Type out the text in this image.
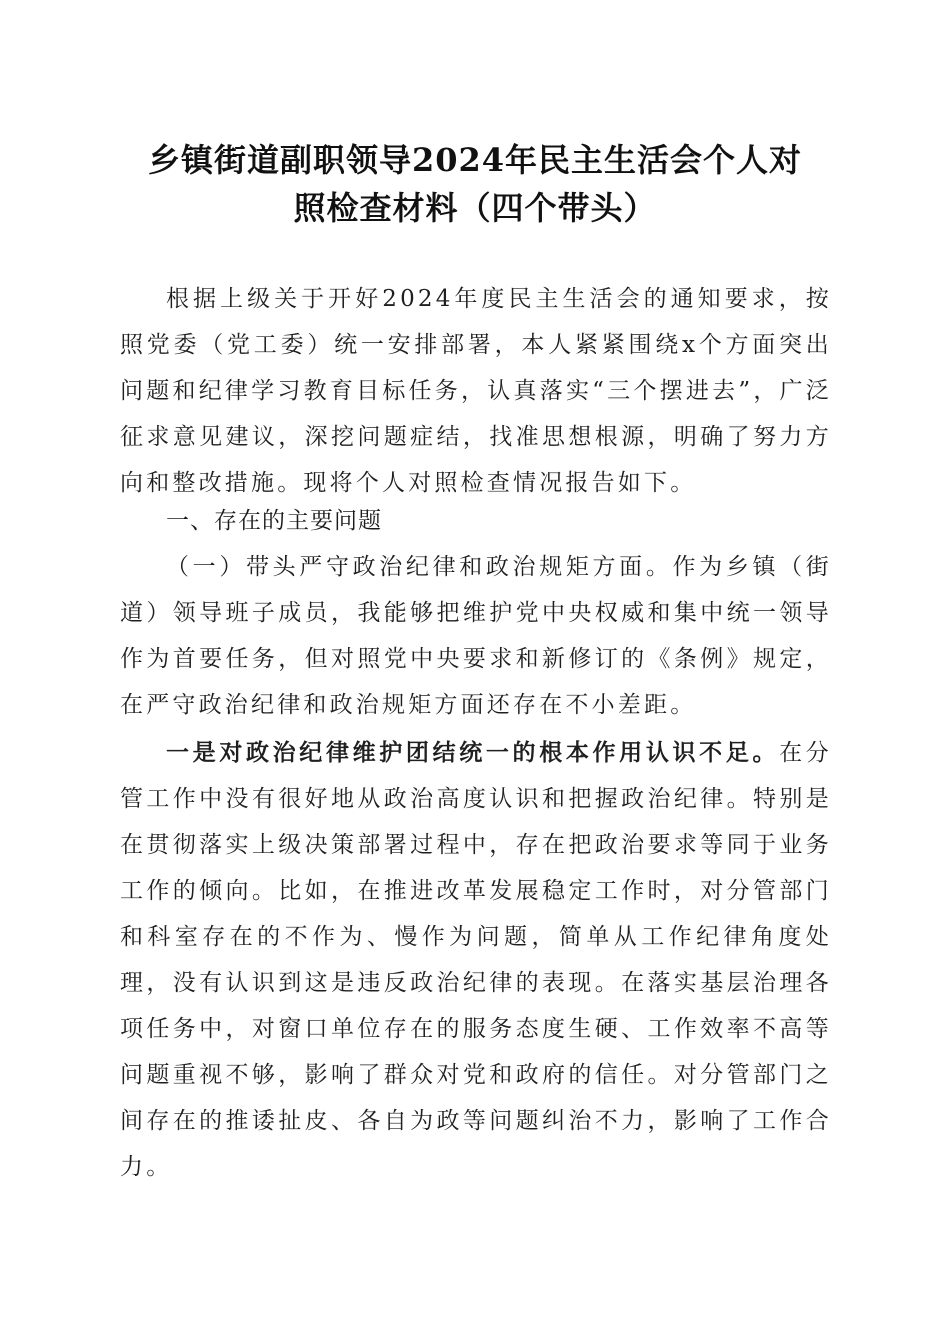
乡镇街道副职领导2024年民主生活会个人对
照检查材料（四个带头）

根据上级关于开好2024年度民主生活会的通知要求，按照党委（党工委）统一安排部署，本人紧紧围绕x个方面突出问题和纪律学习教育目标任务，认真落实“三个摆进去”，广泛征求意见建议，深挖问题症结，找准思想根源，明确了努力方向和整改措施。现将个人对照检查情况报告如下。

一、存在的主要问题

（一）带头严守政治纪律和政治规矩方面。作为乡镇（街道）领导班子成员，我能够把维护党中央权威和集中统一领导作为首要任务，但对照党中央要求和新修订的《条例》规定，在严守政治纪律和政治规矩方面还存在不小差距。

一是对政治纪律维护团结统一的根本作用认识不足。在分管工作中没有很好地从政治高度认识和把握政治纪律。特别是在贯彻落实上级决策部署过程中，存在把政治要求等同于业务工作的倾向。比如，在推进改革发展稳定工作时，对分管部门和科室存在的不作为、慢作为问题，简单从工作纪律角度处理，没有认识到这是违反政治纪律的表现。在落实基层治理各项任务中，对窗口单位存在的服务态度生硬、工作效率不高等问题重视不够，影响了群众对党和政府的信任。对分管部门之间存在的推诿扯皮、各自为政等问题纠治不力，影响了工作合力。
